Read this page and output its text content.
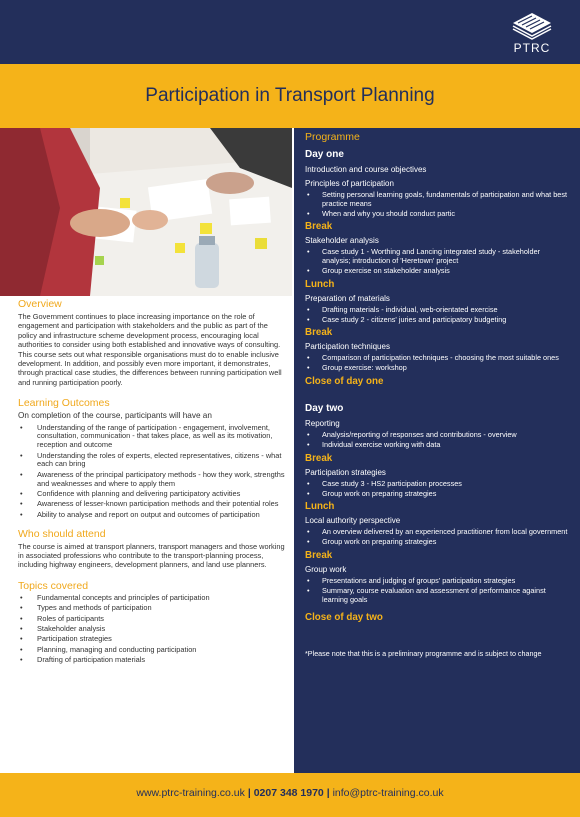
PTRC
Participation in Transport Planning
Overview
The Government continues to place increasing importance on the role of engagement and participation with stakeholders and the public as part of the policy and infrastructure scheme development process, encouraging local authorities to consider using both established and innovative ways of consulting. This course sets out what responsible organisations must do to enable inclusive development. In addition, and possibly even more important, it demonstrates, through practical case studies, the differences between running participation well and running participation poorly.
Learning Outcomes
On completion of the course, participants will have an
• Understanding of the range of participation - engagement, involvement, consultation, communication - that takes place, as well as its motivation, reception and outcome
• Understanding the roles of experts, elected representatives, citizens - what each can bring
• Awareness of the principal participatory methods - how they work, strengths and weaknesses and where to apply them
• Confidence with planning and delivering participatory activities
• Awareness of lesser-known participation methods and their potential roles
• Ability to analyse and report on output and outcomes of participation
Who should attend
The course is aimed at transport planners, transport managers and those working in associated professions who contribute to the transport-planning process, including highway engineers, development planners, and land use planners.
Topics covered
• Fundamental concepts and principles of participation
• Types and methods of participation
• Roles of participants
• Stakeholder analysis
• Participation strategies
• Planning, managing and conducting participation
• Drafting of participation materials
Programme
Day one
Introduction and course objectives
Principles of participation
• Setting personal learning goals, fundamentals of participation and what best practice means
• When and why you should conduct partic
Break
Stakeholder analysis
• Case study 1 - Worthing and Lancing integrated study - stakeholder analysis; introduction of 'Heretown' project
• Group exercise on stakeholder analysis
Lunch
Preparation of materials
• Drafting materials - individual, web-orientated exercise
• Case study 2 - citizens' juries and participatory budgeting
Break
Participation techniques
• Comparison of participation techniques - choosing the most suitable ones
• Group exercise: workshop
Close of day one
Day two
Reporting
• Analysis/reporting of responses and contributions - overview
• Individual exercise working with data
Break
Participation strategies
• Case study 3 - HS2 participation processes
• Group work on preparing strategies
Lunch
Local authority perspective
• An overview delivered by an experienced practitioner from local government
• Group work on preparing strategies
Break
Group work
• Presentations and judging of groups' participation strategies
• Summary, course evaluation and assessment of performance against learning goals
Close of day two
*Please note that this is a preliminary programme and is subject to change
www.ptrc-training.co.uk | 0207 348 1970 | info@ptrc-training.co.uk
